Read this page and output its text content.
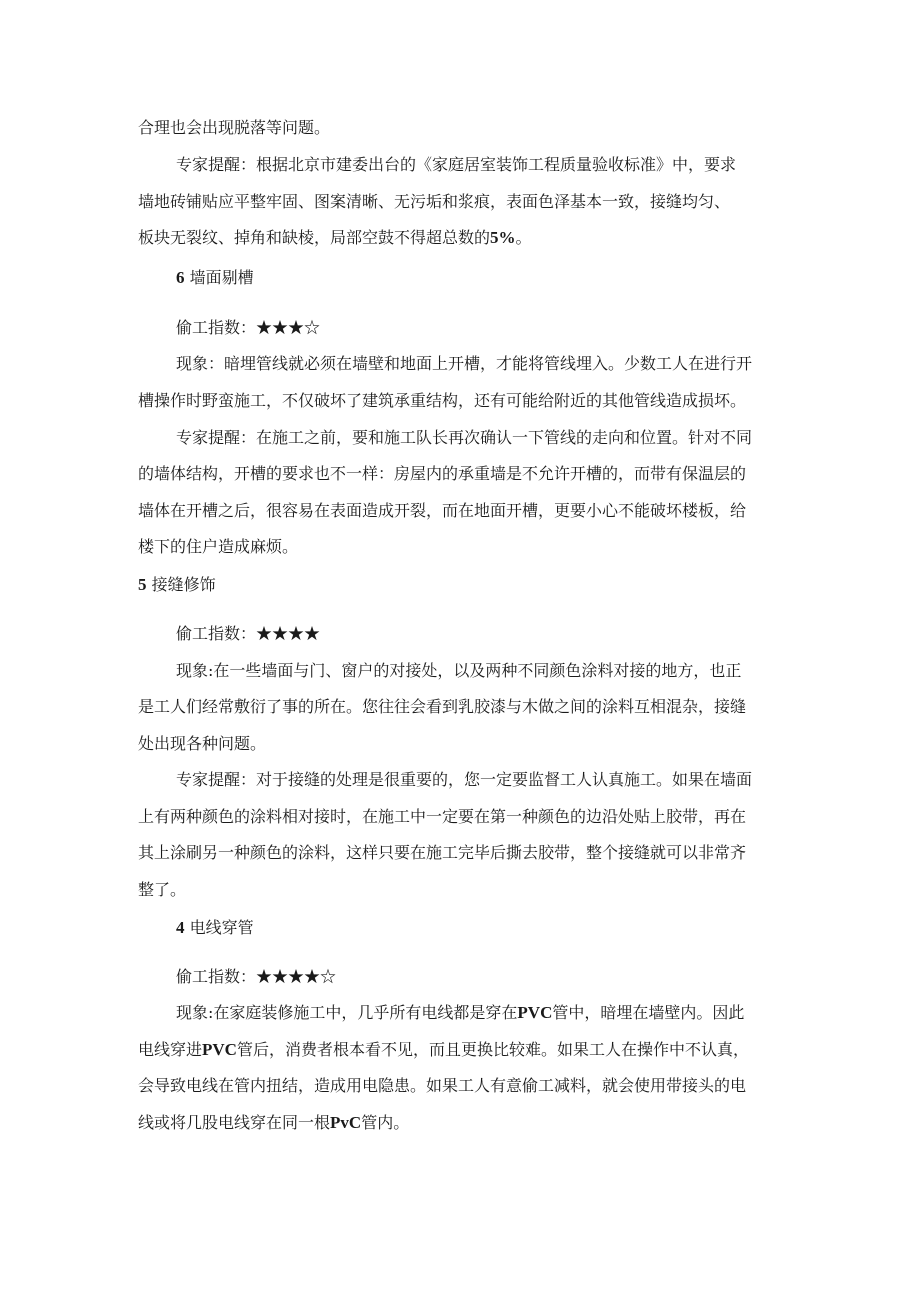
合理也会出现脱落等问题。
专家提醒：根据北京市建委出台的《家庭居室装饰工程质量验收标准》中，要求
墙地砖铺贴应平整牢固、图案清晰、无污垢和浆痕，表面色泽基本一致，接缝均匀、
板块无裂纹、掉角和缺棱，局部空鼓不得超总数的5%。
6 墙面剔槽
偷工指数：★★★☆
现象：暗埋管线就必须在墙壁和地面上开槽，才能将管线埋入。少数工人在进行开
槽操作时野蛮施工，不仅破坏了建筑承重结构，还有可能给附近的其他管线造成损坏。
专家提醒：在施工之前，要和施工队长再次确认一下管线的走向和位置。针对不同
的墙体结构，开槽的要求也不一样：房屋内的承重墙是不允许开槽的，而带有保温层的
墙体在开槽之后，很容易在表面造成开裂，而在地面开槽，更要小心不能破坏楼板，给
楼下的住户造成麻烦。
5 接缝修饰
偷工指数：★★★★
现象:在一些墙面与门、窗户的对接处，以及两种不同颜色涂料对接的地方，也正
是工人们经常敷衍了事的所在。您往往会看到乳胶漆与木做之间的涂料互相混杂，接缝
处出现各种问题。
专家提醒：对于接缝的处理是很重要的，您一定要监督工人认真施工。如果在墙面
上有两种颜色的涂料相对接时，在施工中一定要在第一种颜色的边沿处贴上胶带，再在
其上涂刷另一种颜色的涂料，这样只要在施工完毕后撕去胶带，整个接缝就可以非常齐
整了。
4 电线穿管
偷工指数：★★★★☆
现象:在家庭装修施工中，几乎所有电线都是穿在PVC管中，暗埋在墙壁内。因此
电线穿进PVC管后，消费者根本看不见，而且更换比较难。如果工人在操作中不认真，
会导致电线在管内扭结，造成用电隐患。如果工人有意偷工减料，就会使用带接头的电
线或将几股电线穿在同一根PvC管内。
